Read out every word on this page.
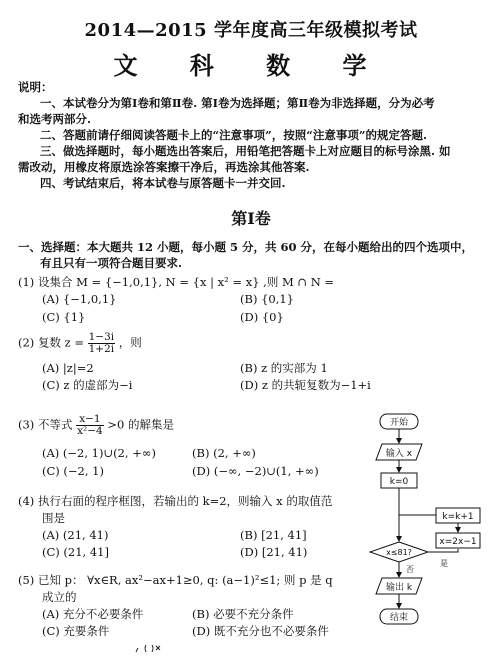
2014—2015 学年度高三年级模拟考试
文 科 数 学
说明：
一、本试卷分为第Ⅰ卷和第Ⅱ卷. 第Ⅰ卷为选择题；第Ⅱ卷为非选择题，分为必考
和选考两部分.
二、答题前请仔细阅读答题卡上的“注意事项”，按照“注意事项”的规定答题.
三、做选择题时，每小题选出答案后，用铅笔把答题卡上对应题目的标号涂黑. 如
需改动，用橡皮将原选涂答案擦干净后，再选涂其他答案.
四、考试结束后，将本试卷与原答题卡一并交回.
第Ⅰ卷
一、选择题：本大题共 12 小题，每小题 5 分，共 60 分，在每小题给出的四个选项中，
有且只有一项符合题目要求.
(1) 设集合 M = {−1,0,1}, N = {x | x² = x} ,则 M ∩ N =
(A) {−1,0,1}	(B) {0,1}
(C) {1}	(D) {0}
(2) 复数 $z = \frac{1-3i}{1+2i}$ ，则
(A) |z|=2	(B) z 的实部为 1
(C) z 的虚部为−i	(D) z 的共轭复数为−1+i
(3) 不等式 $\frac{x-1}{\text{x²−4}} >0$ 的解集是
(A) (−2, 1)∪(2, +∞)	(B) (2, +∞)
(C) (−2, 1)	(D) (−∞, −2)∪(1, +∞)
(4) 执行右面的程序框图，若输出的 k=2，则输入 x 的取值范
围是
(A) (21, 41)	(B) [21, 41]
(C) (21, 41]	(D) [21, 41)
(5) 已知 p： ∀x∈R, ax²−ax+1≥0, q: (a−1)²≤1; 则 p 是 q
成立的
(A) 充分不必要条件	(B) 必要不充分条件
(C) 充要条件	(D) 既不充分也不必要条件
开始
输入 x
k=0
k=k+1
x=2x−1
x≤81?
否
是
输出 k
结束
